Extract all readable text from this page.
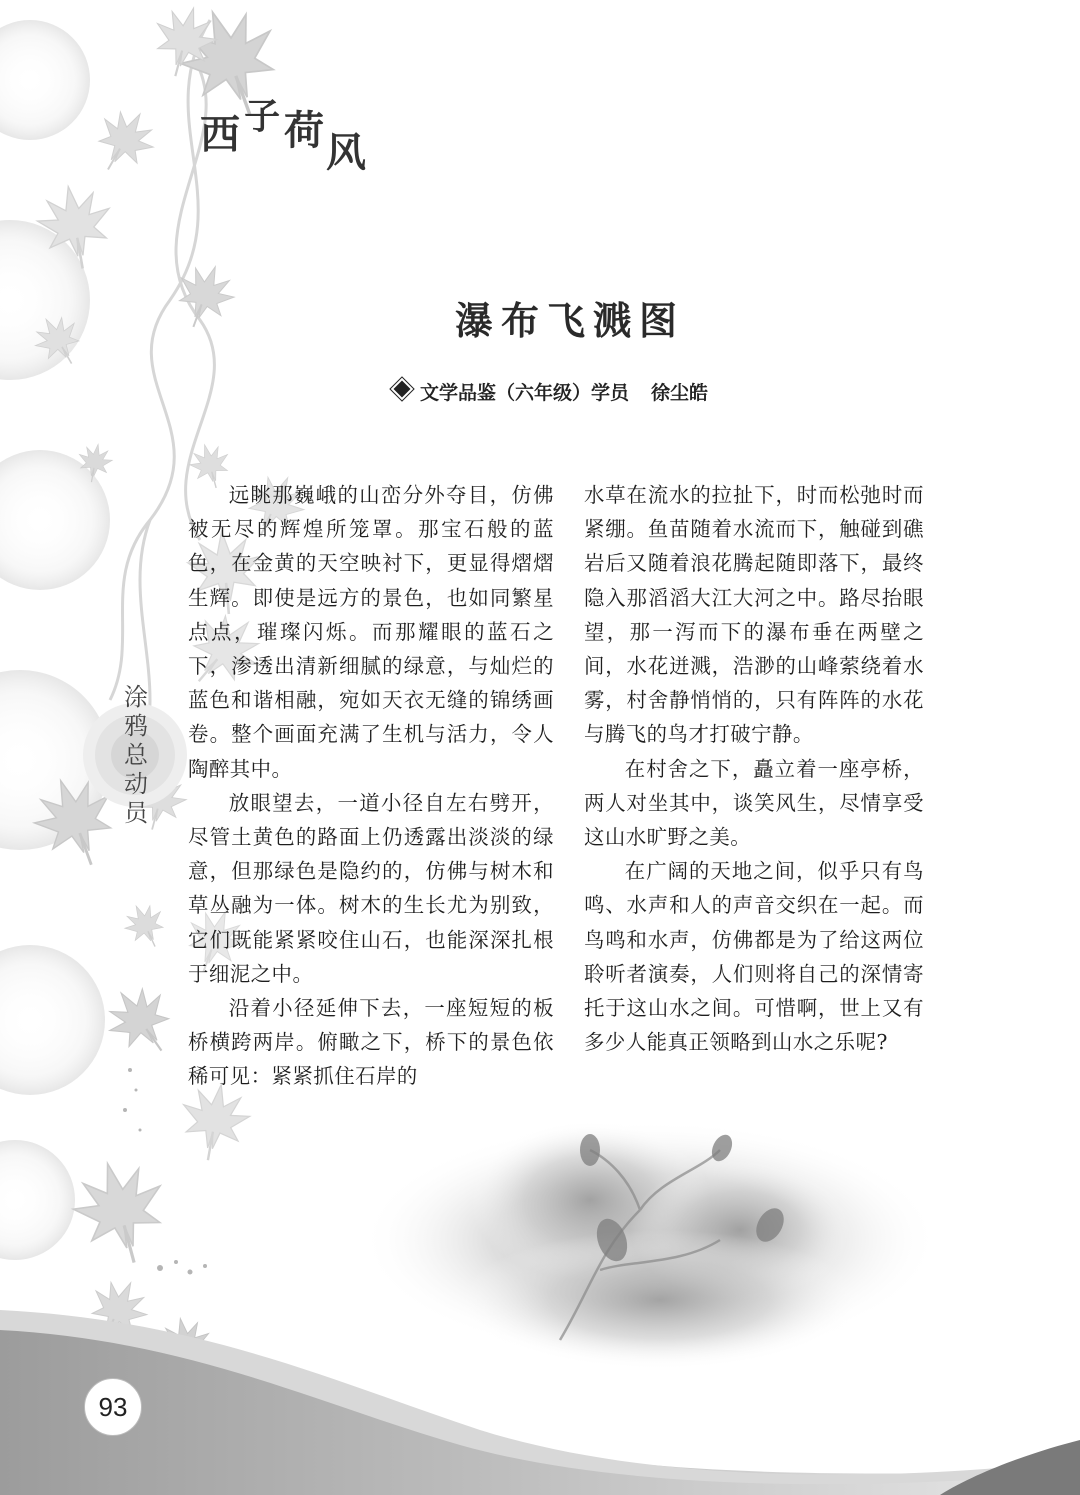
西子荷风
瀑布飞溅图
文学品鉴（六年级）学员 徐尘皓
涂
鸦
总
动
员

远眺那巍峨的山峦分外夺目，仿佛被无尽的辉煌所笼罩。那宝石般的蓝色，在金黄的天空映衬下，更显得熠熠生辉。即使是远方的景色，也如同繁星点点，璀璨闪烁。而那耀眼的蓝石之下，渗透出清新细腻的绿意，与灿烂的蓝色和谐相融，宛如天衣无缝的锦绣画卷。整个画面充满了生机与活力，令人陶醉其中。

放眼望去，一道小径自左右劈开，尽管土黄色的路面上仍透露出淡淡的绿意，但那绿色是隐约的，仿佛与树木和草丛融为一体。树木的生长尤为别致，它们既能紧紧咬住山石，也能深深扎根于细泥之中。

沿着小径延伸下去，一座短短的板桥横跨两岸。俯瞰之下，桥下的景色依稀可见：紧紧抓住石岸的

水草在流水的拉扯下，时而松弛时而紧绷。鱼苗随着水流而下，触碰到礁岩后又随着浪花腾起随即落下，最终隐入那滔滔大江大河之中。路尽抬眼望，那一泻而下的瀑布垂在两壁之间，水花迸溅，浩渺的山峰萦绕着水雾，村舍静悄悄的，只有阵阵的水花与腾飞的鸟才打破宁静。

在村舍之下，矗立着一座亭桥，两人对坐其中，谈笑风生，尽情享受这山水旷野之美。

在广阔的天地之间，似乎只有鸟鸣、水声和人的声音交织在一起。而鸟鸣和水声，仿佛都是为了给这两位聆听者演奏，人们则将自己的深情寄托于这山水之间。可惜啊，世上又有多少人能真正领略到山水之乐呢?

93
